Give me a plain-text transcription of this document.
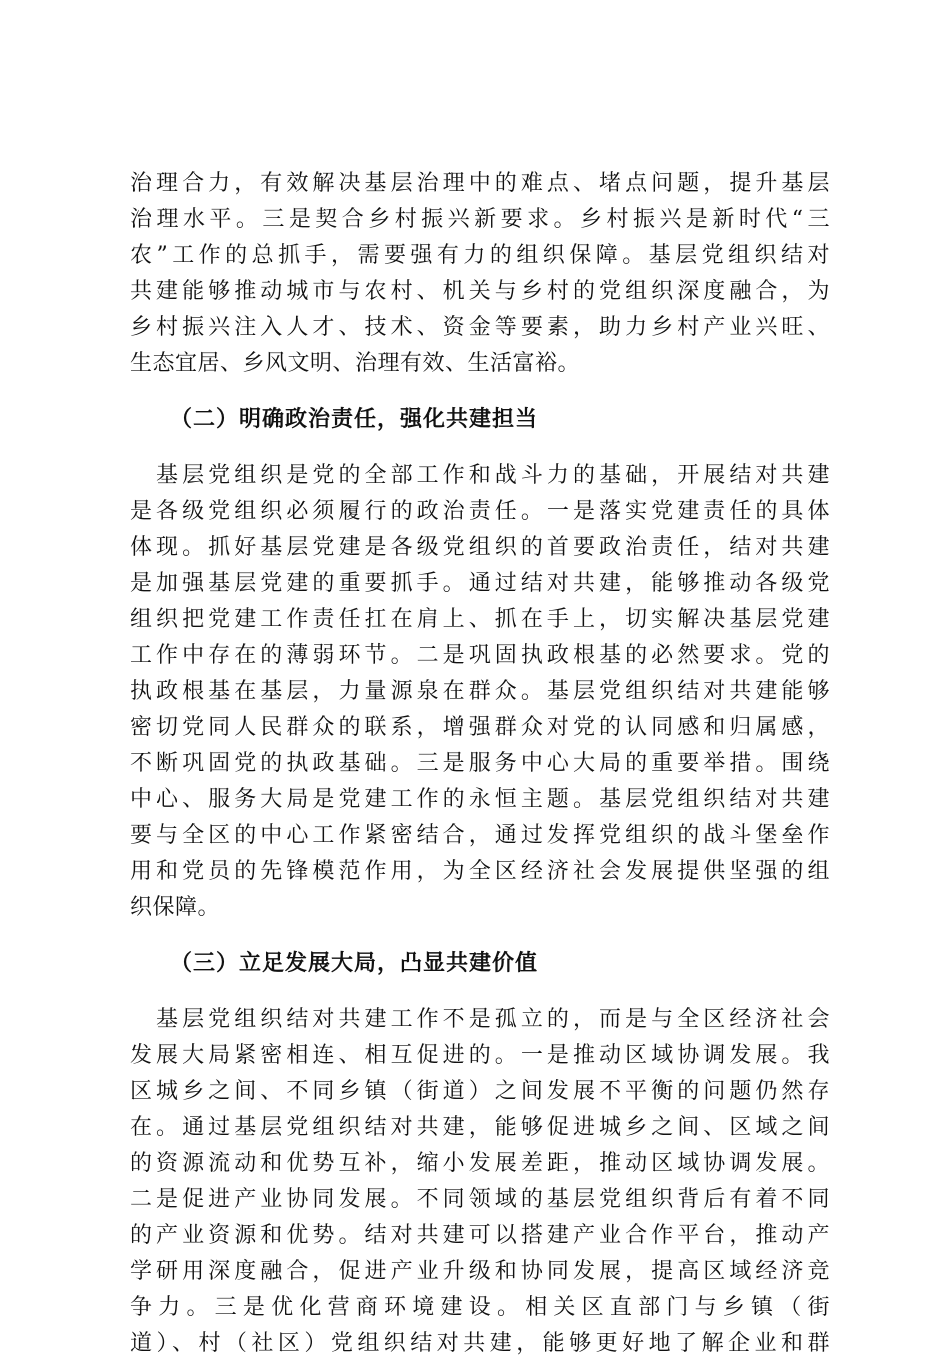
治理合力，有效解决基层治理中的难点、堵点问题，提升基层
治理水平。三是契合乡村振兴新要求。乡村振兴是新时代“三
农”工作的总抓手，需要强有力的组织保障。基层党组织结对
共建能够推动城市与农村、机关与乡村的党组织深度融合，为
乡村振兴注入人才、技术、资金等要素，助力乡村产业兴旺、
生态宜居、乡风文明、治理有效、生活富裕。
（二）明确政治责任，强化共建担当
　基层党组织是党的全部工作和战斗力的基础，开展结对共建
是各级党组织必须履行的政治责任。一是落实党建责任的具体
体现。抓好基层党建是各级党组织的首要政治责任，结对共建
是加强基层党建的重要抓手。通过结对共建，能够推动各级党
组织把党建工作责任扛在肩上、抓在手上，切实解决基层党建
工作中存在的薄弱环节。二是巩固执政根基的必然要求。党的
执政根基在基层，力量源泉在群众。基层党组织结对共建能够
密切党同人民群众的联系，增强群众对党的认同感和归属感，
不断巩固党的执政基础。三是服务中心大局的重要举措。围绕
中心、服务大局是党建工作的永恒主题。基层党组织结对共建
要与全区的中心工作紧密结合，通过发挥党组织的战斗堡垒作
用和党员的先锋模范作用，为全区经济社会发展提供坚强的组
织保障。
（三）立足发展大局，凸显共建价值
　基层党组织结对共建工作不是孤立的，而是与全区经济社会
发展大局紧密相连、相互促进的。一是推动区域协调发展。我
区城乡之间、不同乡镇（街道）之间发展不平衡的问题仍然存
在。通过基层党组织结对共建，能够促进城乡之间、区域之间
的资源流动和优势互补，缩小发展差距，推动区域协调发展。
二是促进产业协同发展。不同领域的基层党组织背后有着不同
的产业资源和优势。结对共建可以搭建产业合作平台，推动产
学研用深度融合，促进产业升级和协同发展，提高区域经济竞
争力。三是优化营商环境建设。相关区直部门与乡镇（街
道）、村（社区）党组织结对共建，能够更好地了解企业和群
